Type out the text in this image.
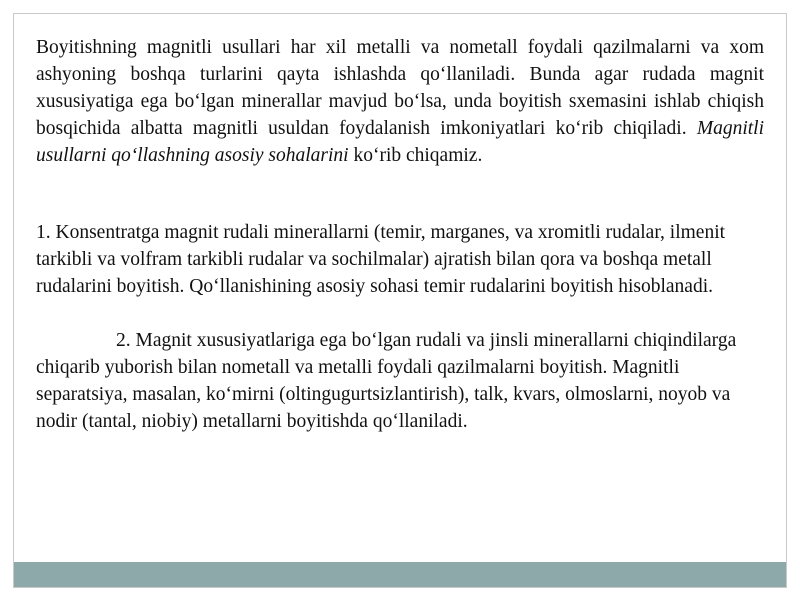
Boyitishning magnitli usullari har xil metalli va nometall foydali qazilmalarni va xom ashyoning boshqa turlarini qayta ishlashda qo‘llaniladi. Bunda agar rudada magnit xususiyatiga ega bo‘lgan minerallar mavjud bo‘lsa, unda boyitish sxemasini ishlab chiqish bosqichida albatta magnitli usuldan foydalanish imkoniyatlari ko‘rib chiqiladi. Magnitli usullarni qo‘llashning asosiy sohalarini ko‘rib chiqamiz.

1. Konsentratga magnit rudali minerallarni (temir, marganes, va xromitli rudalar, ilmenit tarkibli va volfram tarkibli rudalar va sochilmalar) ajratish bilan qora va boshqa metall rudalarini boyitish. Qo‘llanishining asosiy sohasi temir rudalarini boyitish hisoblanadi.

2. Magnit xususiyatlariga ega bo‘lgan rudali va jinsli minerallarni chiqindilarga chiqarib yuborish bilan nometall va metalli foydali qazilmalarni boyitish. Magnitli separatsiya, masalan, ko‘mirni (oltingugurtsizlantirish), talk, kvars, olmoslarni, noyob va nodir (tantal, niobiy) metallarni boyitishda qo‘llaniladi.
